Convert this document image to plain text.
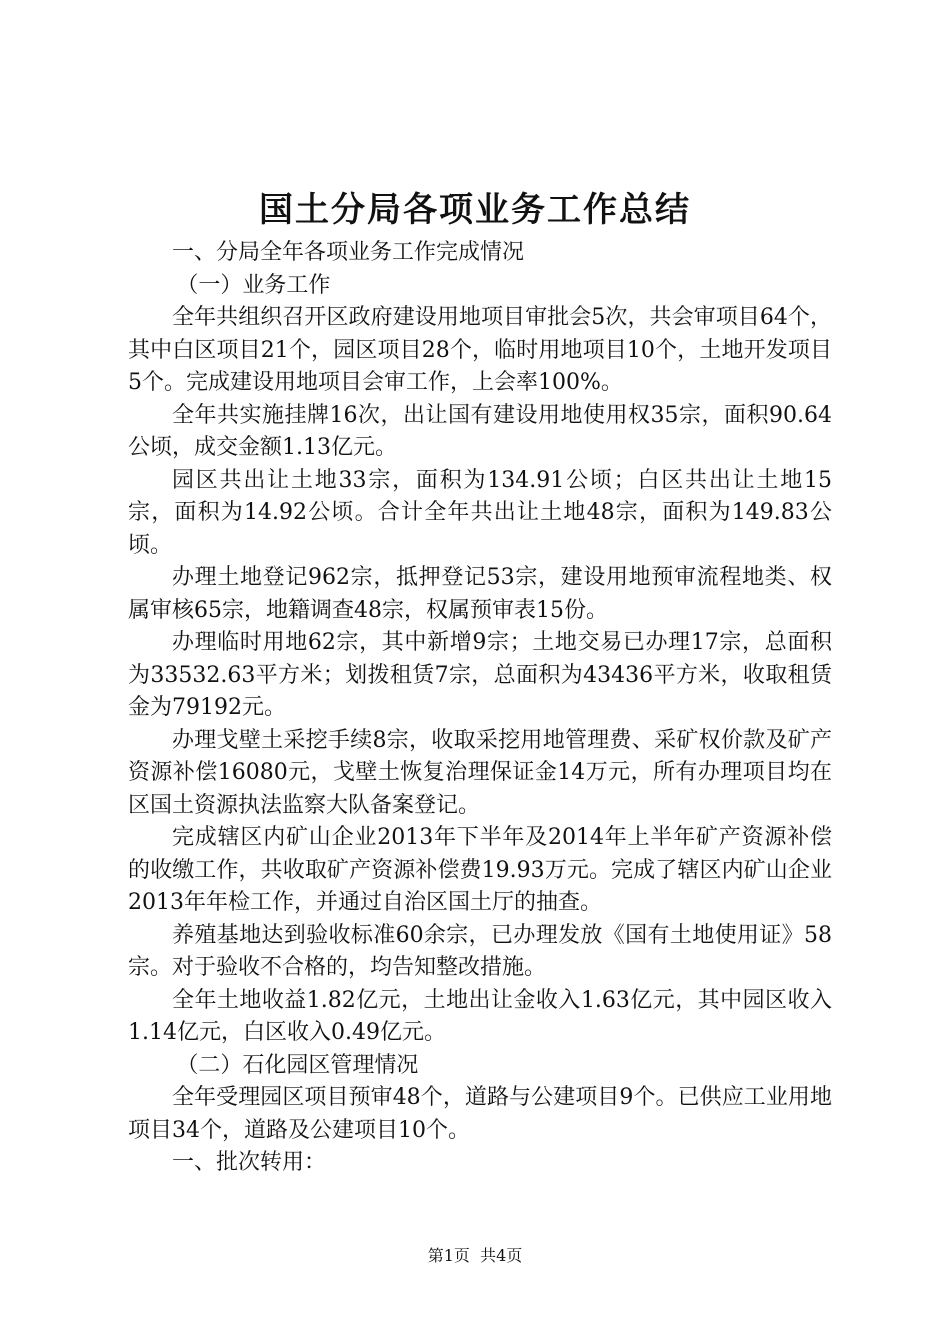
国土分局各项业务工作总结

一、分局全年各项业务工作完成情况

（一）业务工作

全年共组织召开区政府建设用地项目审批会5次，共会审项目64个，其中白区项目21个，园区项目28个，临时用地项目10个，土地开发项目5个。完成建设用地项目会审工作，上会率100%。

全年共实施挂牌16次，出让国有建设用地使用权35宗，面积90.64公顷，成交金额1.13亿元。

园区共出让土地33宗，面积为134.91公顷；白区共出让土地15宗，面积为14.92公顷。合计全年共出让土地48宗，面积为149.83公顷。

办理土地登记962宗，抵押登记53宗，建设用地预审流程地类、权属审核65宗，地籍调查48宗，权属预审表15份。

办理临时用地62宗，其中新增9宗；土地交易已办理17宗，总面积为33532.63平方米；划拨租赁7宗，总面积为43436平方米，收取租赁金为79192元。

办理戈壁土采挖手续8宗，收取采挖用地管理费、采矿权价款及矿产资源补偿16080元，戈壁土恢复治理保证金14万元，所有办理项目均在区国土资源执法监察大队备案登记。

完成辖区内矿山企业2013年下半年及2014年上半年矿产资源补偿的收缴工作，共收取矿产资源补偿费19.93万元。完成了辖区内矿山企业2013年年检工作，并通过自治区国土厅的抽查。

养殖基地达到验收标准60余宗，已办理发放《国有土地使用证》58宗。对于验收不合格的，均告知整改措施。

全年土地收益1.82亿元，土地出让金收入1.63亿元，其中园区收入1.14亿元，白区收入0.49亿元。

（二）石化园区管理情况

全年受理园区项目预审48个，道路与公建项目9个。已供应工业用地项目34个，道路及公建项目10个。

一、批次转用：

第1页  共4页
